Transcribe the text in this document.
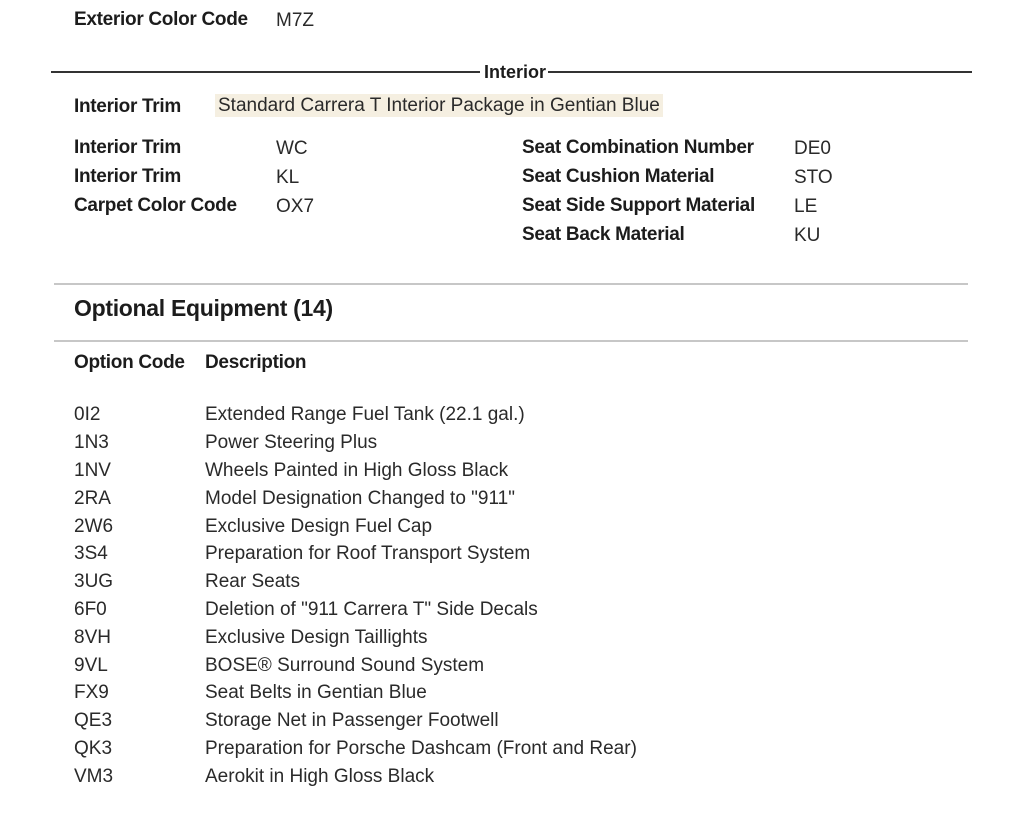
Exterior Color Code M7Z
Interior
Interior Trim Standard Carrera T Interior Package in Gentian Blue
Interior Trim	WC
Interior Trim	KL
Carpet Color Code OX7
Seat Combination Number DE0
Seat Cushion Material	STO
Seat Side Support Material LE
Seat Back Material	KU
Optional Equipment (14)
Option Code Description
0I2	Extended Range Fuel Tank (22.1 gal.)
1N3	Power Steering Plus
1NV	Wheels Painted in High Gloss Black
2RA	Model Designation Changed to "911"
2W6	Exclusive Design Fuel Cap
3S4	Preparation for Roof Transport System
3UG	Rear Seats
6F0	Deletion of "911 Carrera T" Side Decals
8VH	Exclusive Design Taillights
9VL	BOSE® Surround Sound System
FX9	Seat Belts in Gentian Blue
QE3	Storage Net in Passenger Footwell
QK3	Preparation for Porsche Dashcam (Front and Rear)
VM3	Aerokit in High Gloss Black
